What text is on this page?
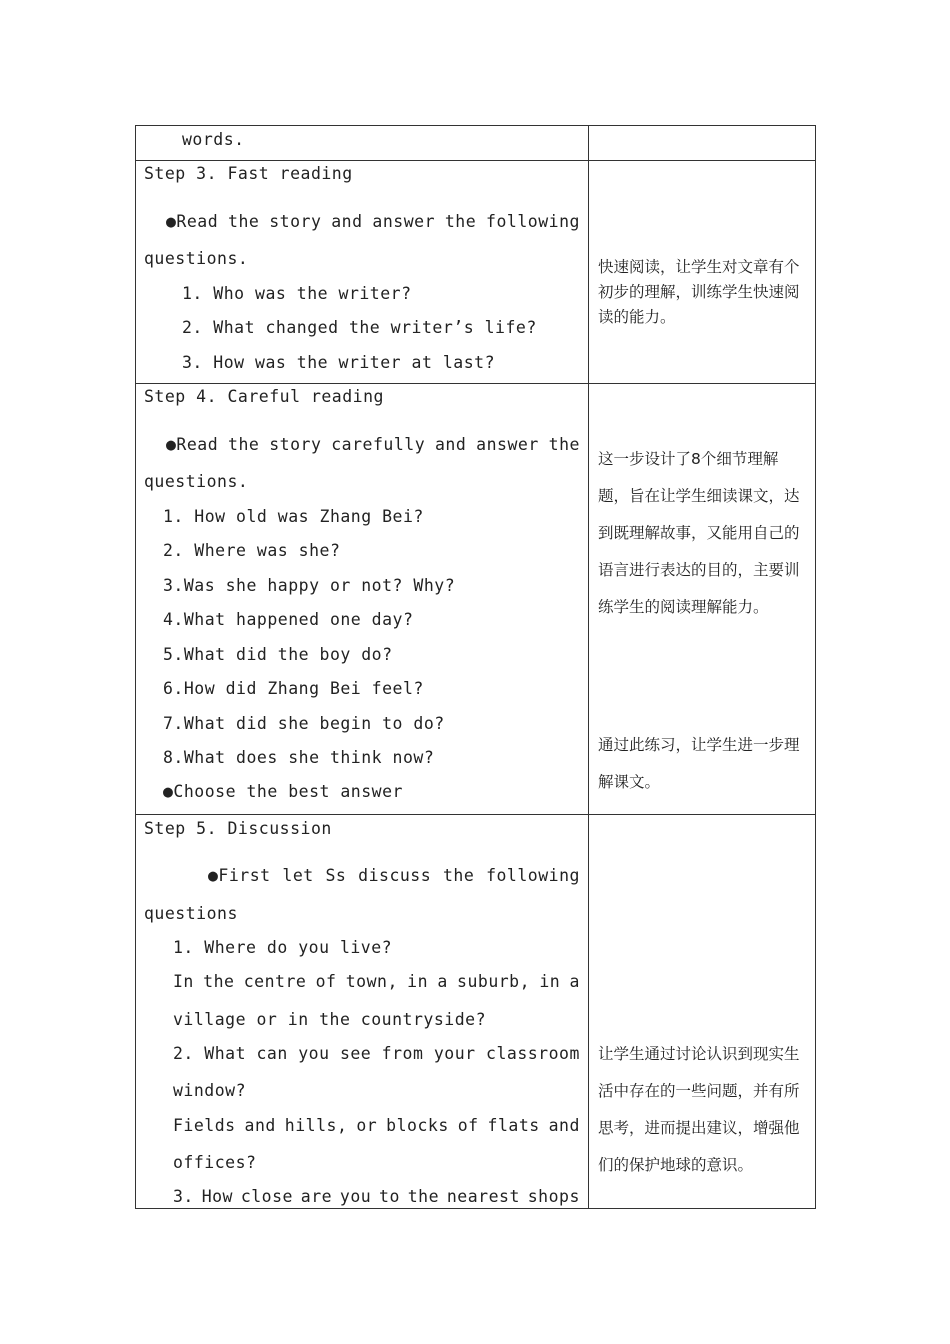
words.
Step 3. Fast reading
●Read the story and answer the following
questions.
1. Who was the writer?
2. What changed the writer’s life?
3. How was the writer at last?
快速阅读，让学生对文章有个初步的理解，训练学生快速阅读的能力。
Step 4. Careful reading
●Read the story carefully and answer the
questions.
1. How old was Zhang Bei?
2. Where was she?
3.Was she happy or not? Why?
4.What happened one day?
5.What did the boy do?
6.How did Zhang Bei feel?
7.What did she begin to do?
8.What does she think now?
●Choose the best answer
这一步设计了8个细节理解题，旨在让学生细读课文，达到既理解故事，又能用自己的语言进行表达的目的，主要训练学生的阅读理解能力。
通过此练习，让学生进一步理解课文。
Step 5. Discussion
●First let Ss discuss the following
questions
1. Where do you live?
In the centre of town, in a suburb, in a
village or in the countryside?
2. What can you see from your classroom
window?
Fields and hills, or blocks of flats and
offices?
3. How close are you to the nearest shops
让学生通过讨论认识到现实生活中存在的一些问题，并有所思考，进而提出建议，增强他们的保护地球的意识。
